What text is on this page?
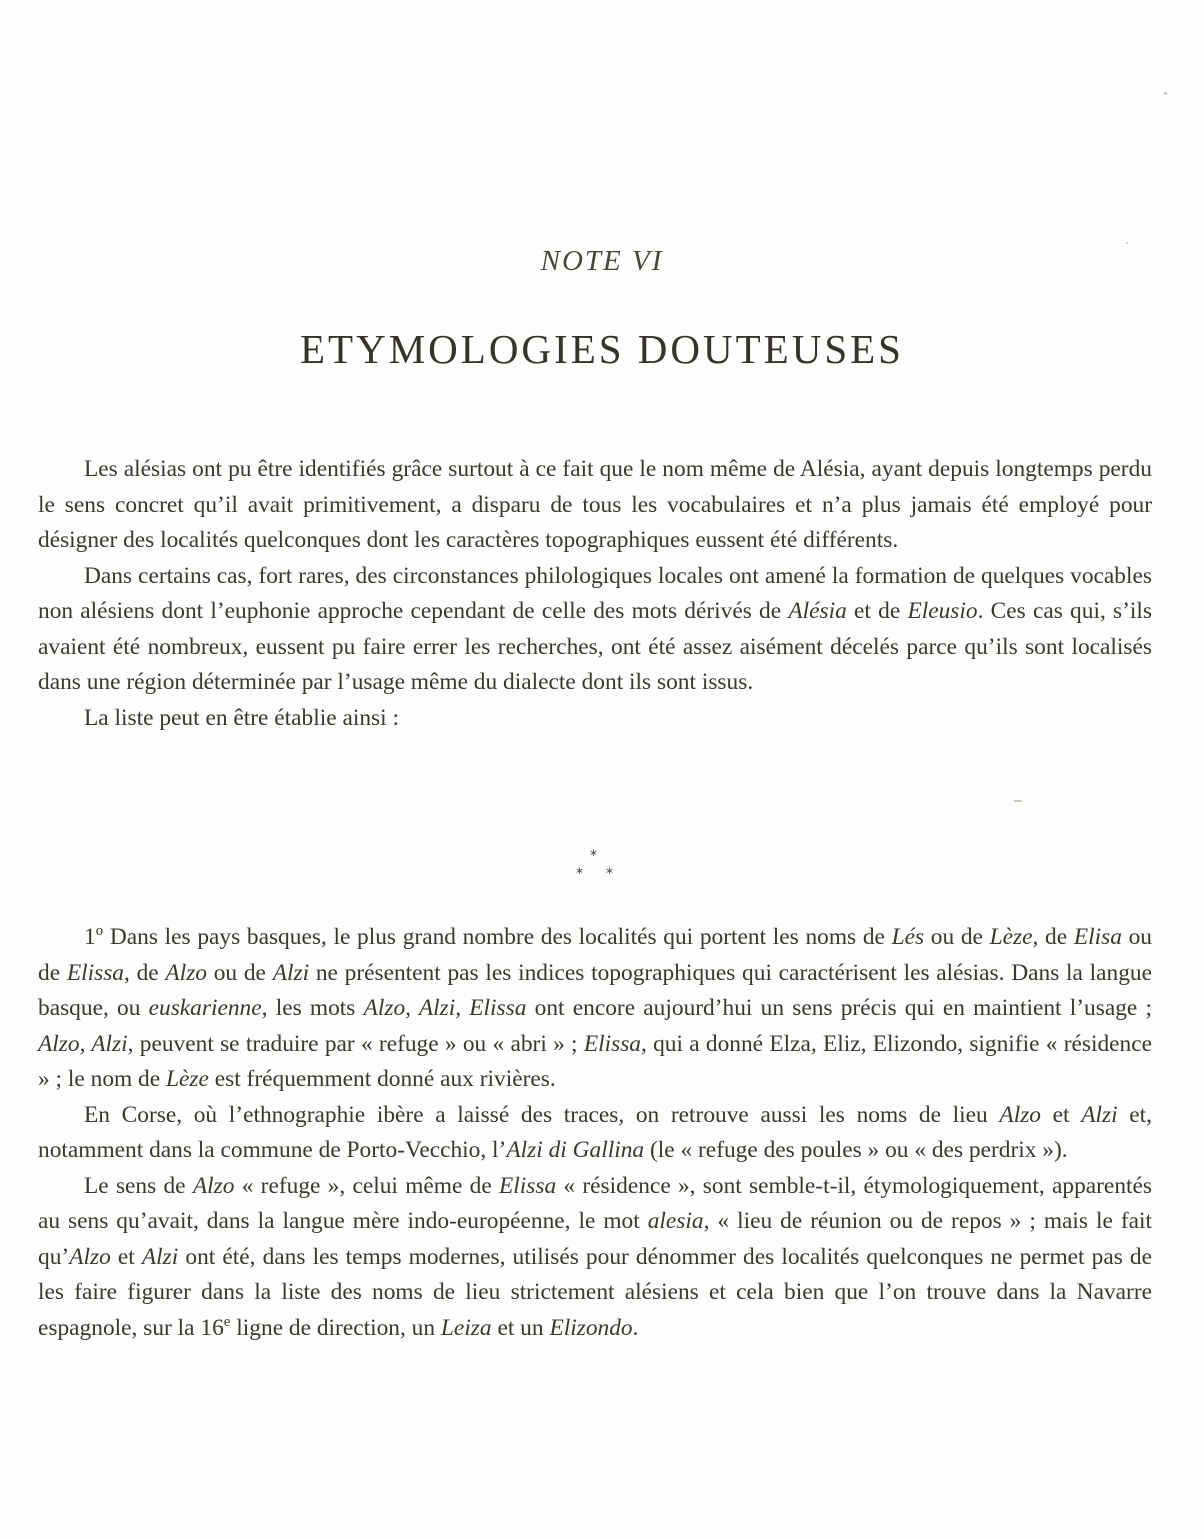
NOTE VI
ETYMOLOGIES DOUTEUSES

Les alésias ont pu être identifiés grâce surtout à ce fait que le nom même de Alésia, ayant depuis longtemps perdu le sens concret qu’il avait primitivement, a disparu de tous les vocabulaires et n’a plus jamais été employé pour désigner des localités quelconques dont les caractères topographiques eussent été différents.

Dans certains cas, fort rares, des circonstances philologiques locales ont amené la formation de quelques vocables non alésiens dont l’euphonie approche cependant de celle des mots dérivés de Alésia et de Eleusio. Ces cas qui, s’ils avaient été nombreux, eussent pu faire errer les recherches, ont été assez aisément décelés parce qu’ils sont localisés dans une région déterminée par l’usage même du dialecte dont ils sont issus.

La liste peut en être établie ainsi :

*
* *

1$^o$ Dans les pays basques, le plus grand nombre des localités qui portent les noms de Lés ou de Lèze, de Elisa ou de Elissa, de Alzo ou de Alzi ne présentent pas les indices topographiques qui caractérisent les alésias. Dans la langue basque, ou euskarienne, les mots Alzo, Alzi, Elissa ont encore aujourd’hui un sens précis qui en maintient l’usage ; Alzo, Alzi, peuvent se traduire par « refuge » ou « abri » ; Elissa, qui a donné Elza, Eliz, Elizondo, signifie « résidence » ; le nom de Lèze est fréquemment donné aux rivières.

En Corse, où l’ethnographie ibère a laissé des traces, on retrouve aussi les noms de lieu Alzo et Alzi et, notamment dans la commune de Porto-Vecchio, l’Alzi di Gallina (le « refuge des poules » ou « des perdrix »).

Le sens de Alzo « refuge », celui même de Elissa « résidence », sont semble-t-il, étymologiquement, apparentés au sens qu’avait, dans la langue mère indo-européenne, le mot alesia, « lieu de réunion ou de repos » ; mais le fait qu’Alzo et Alzi ont été, dans les temps modernes, utilisés pour dénommer des localités quelconques ne permet pas de les faire figurer dans la liste des noms de lieu strictement alésiens et cela bien que l’on trouve dans la Navarre espagnole, sur la 16e ligne de direction, un Leiza et un Elizondo.
